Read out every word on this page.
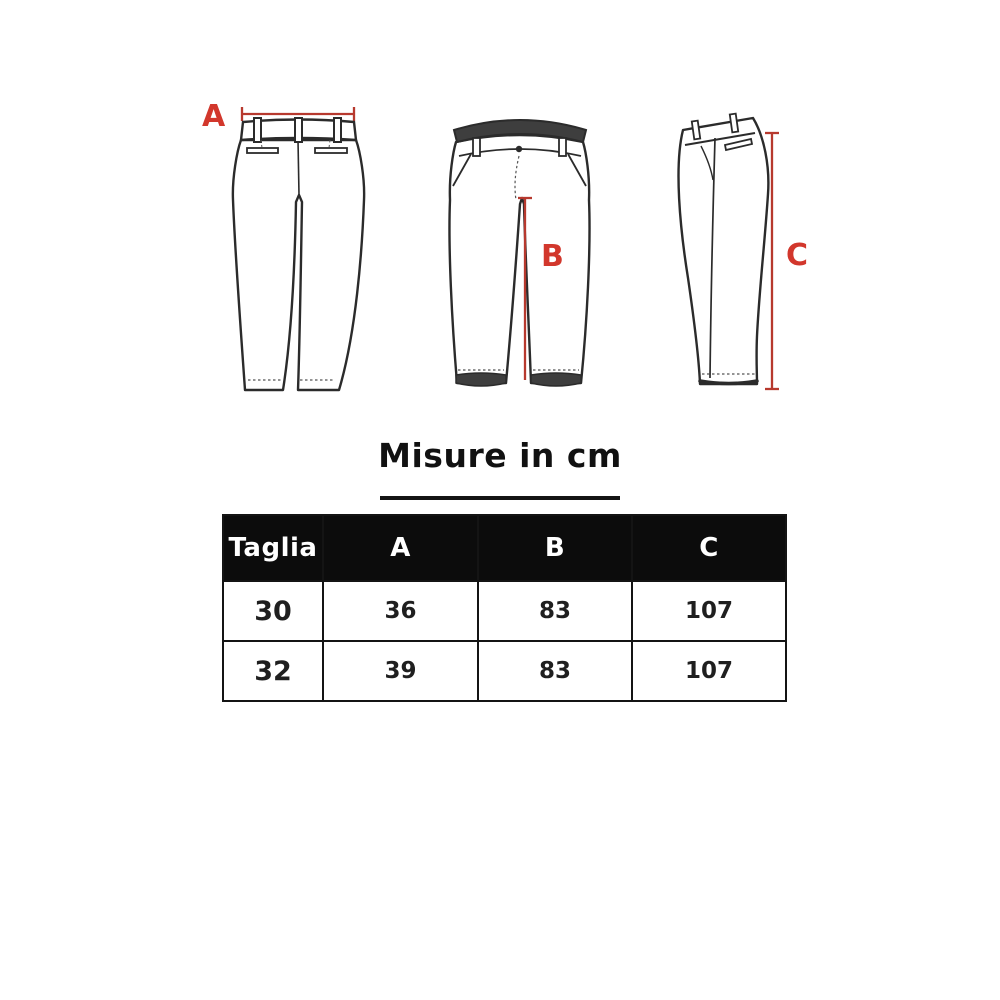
A
B	C
Misure in cm
Taglia	A	B	C
30	36	83	107
32	39	83	107
